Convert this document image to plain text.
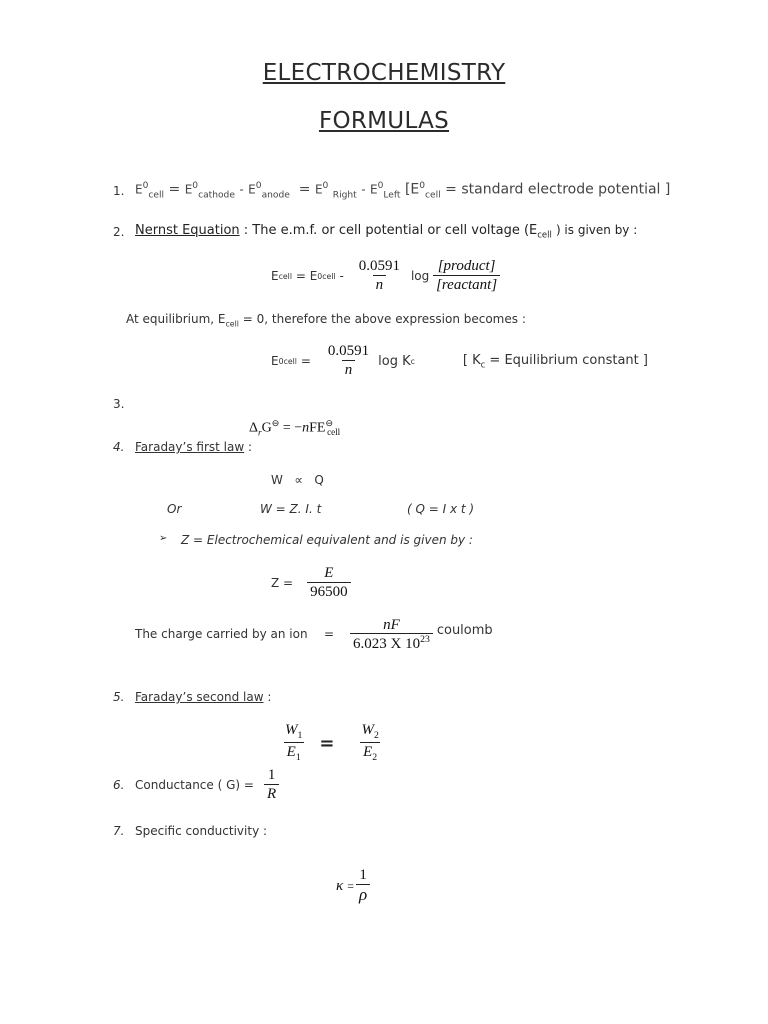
ELECTROCHEMISTRY
FORMULAS
1. $E^0_{cell} = E^0_{cathode} - E^0_{anode} = E^0$ $_{Right} - E^0_{Left}$ [$E^0_{cell}$ = standard electrode potential ]
2. Nernst Equation : The e.m.f. or cell potential or cell voltage ($E_{cell}$ ) is given by :
E cell
= E 0 cell
-
$\frac{0.0591}{n}$ log
$\frac{\text{[product]}}{\text{[reactant]}}$
At equilibrium, $E_{cell} = 0$, therefore the above expression becomes :
E 0 cell
= $\frac{0.0591}{n}$ log K c	[ $K_c$ = Equilibrium constant ]
3.
$\Delta_rG^⊖ = -nFE^⊖_{cell}$
4. Faraday’s first law :
W ∝ Q
Or	W = Z. I. t	( Q = I x t )
➢ Z = Electrochemical equivalent and is given by :
$Z = \frac{E}{96500}$
The charge carried by an ion = $\frac{nF}{6.023 X 10^{23}}$ coulomb
5. Faraday’s second law :
$\frac{W_1}{E_1} = \frac{W_2}{E_2}$
6. Conductance ( $G) = \frac{1}{R}$
7. Specific conductivity :
$\kappa = \frac{1}{\rho}$
